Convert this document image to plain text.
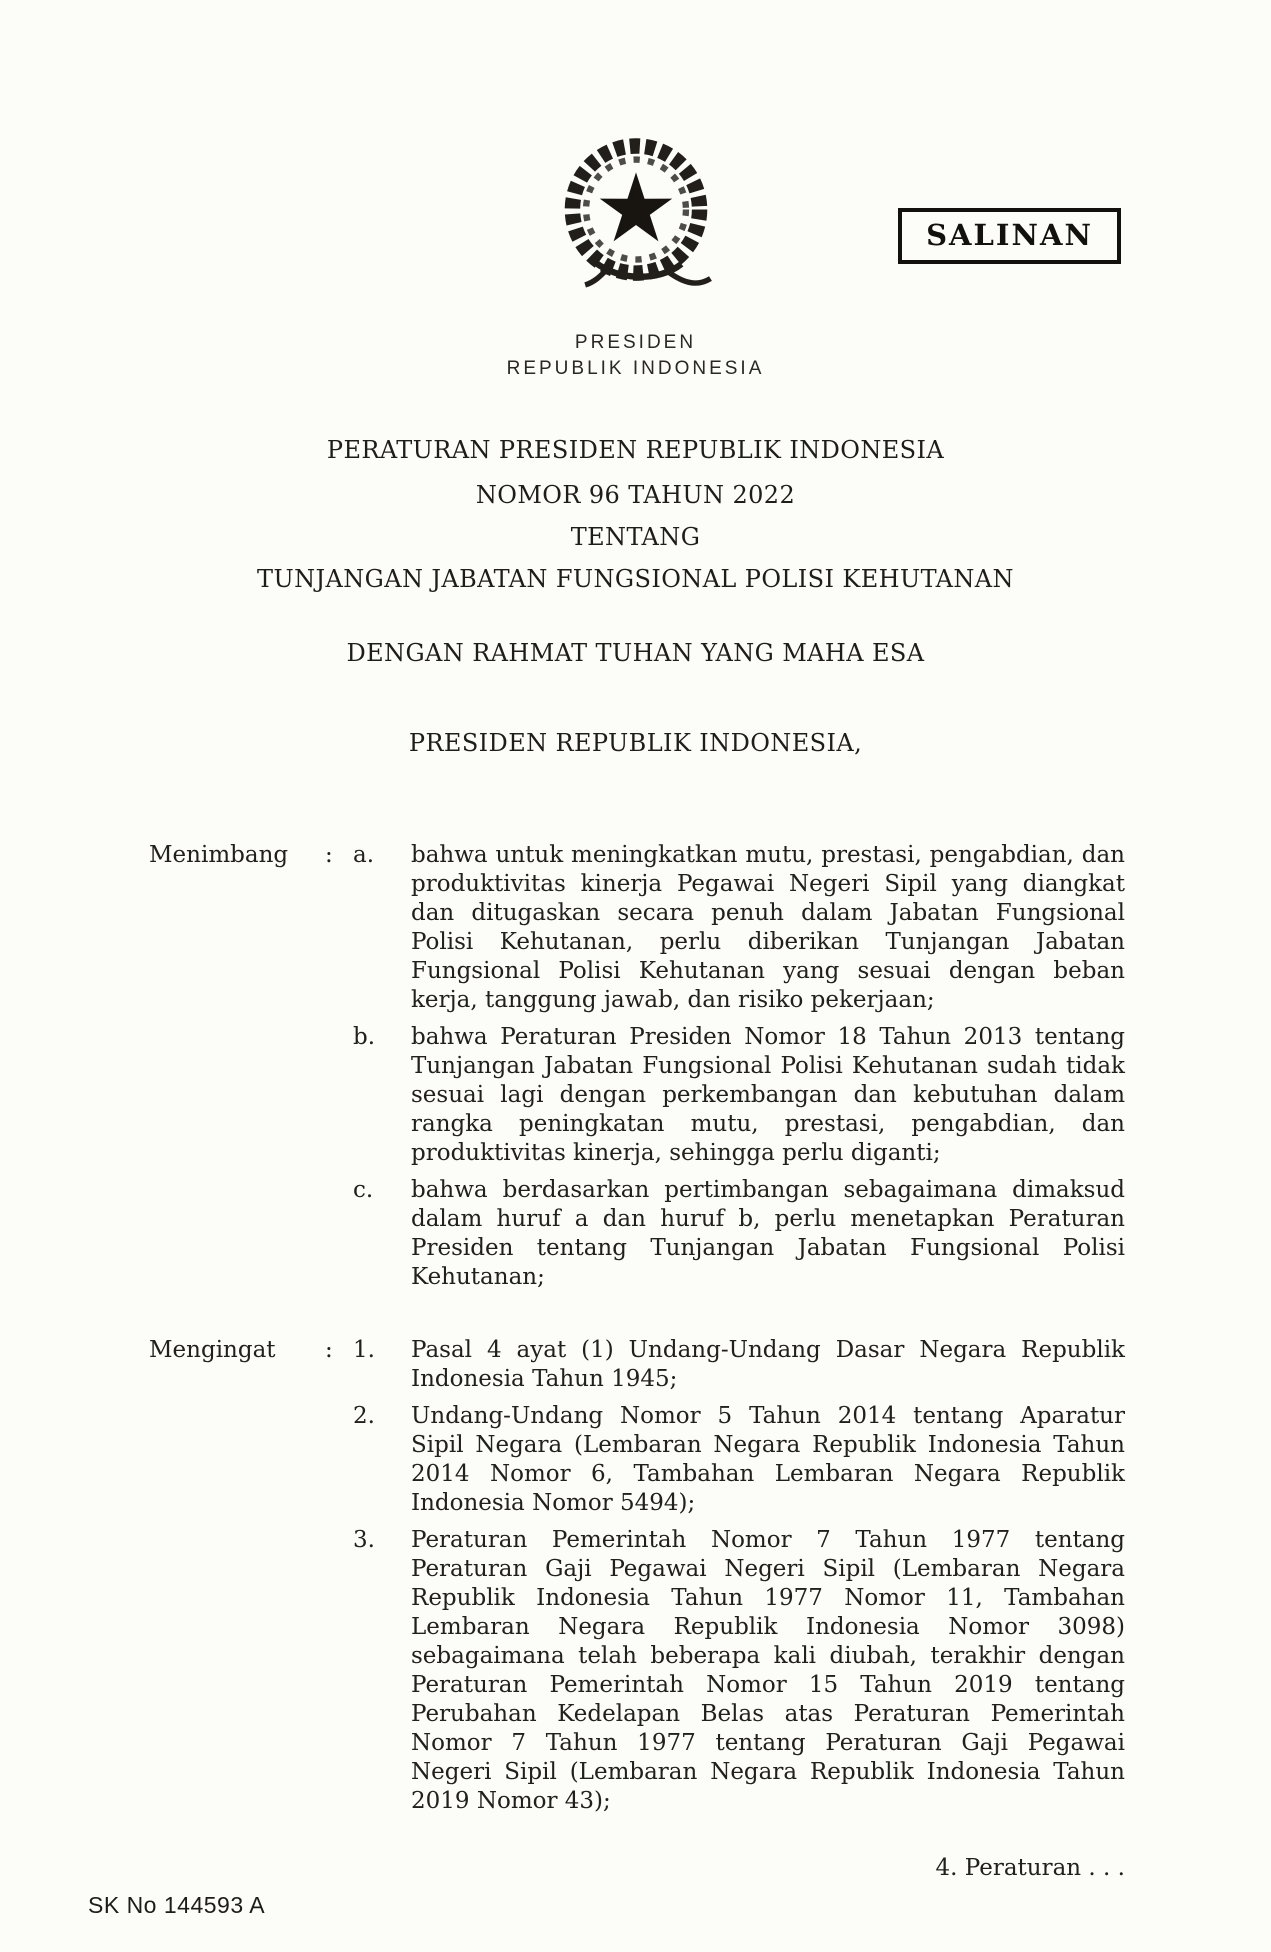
SALINAN
PRESIDEN
REPUBLIK INDONESIA
PERATURAN PRESIDEN REPUBLIK INDONESIA
NOMOR 96 TAHUN 2022
TENTANG
TUNJANGAN JABATAN FUNGSIONAL POLISI KEHUTANAN
DENGAN RAHMAT TUHAN YANG MAHA ESA
PRESIDEN REPUBLIK INDONESIA,
Menimbang	: a.	bahwa untuk meningkatkan mutu, prestasi, pengabdian, dan produktivitas kinerja Pegawai Negeri Sipil yang diangkat dan ditugaskan secara penuh dalam Jabatan Fungsional Polisi Kehutanan, perlu diberikan Tunjangan Jabatan Fungsional Polisi Kehutanan yang sesuai dengan beban kerja, tanggung jawab, dan risiko pekerjaan;

b.	bahwa Peraturan Presiden Nomor 18 Tahun 2013 tentang Tunjangan Jabatan Fungsional Polisi Kehutanan sudah tidak sesuai lagi dengan perkembangan dan kebutuhan dalam rangka peningkatan mutu, prestasi, pengabdian, dan produktivitas kinerja, sehingga perlu diganti;

c.	bahwa berdasarkan pertimbangan sebagaimana dimaksud dalam huruf a dan huruf b, perlu menetapkan Peraturan Presiden tentang Tunjangan Jabatan Fungsional Polisi Kehutanan;

Mengingat	: 1.	Pasal 4 ayat (1) Undang-Undang Dasar Negara Republik Indonesia Tahun 1945;

2.	Undang-Undang Nomor 5 Tahun 2014 tentang Aparatur Sipil Negara (Lembaran Negara Republik Indonesia Tahun 2014 Nomor 6, Tambahan Lembaran Negara Republik Indonesia Nomor 5494);

3.	Peraturan Pemerintah Nomor 7 Tahun 1977 tentang Peraturan Gaji Pegawai Negeri Sipil (Lembaran Negara Republik Indonesia Tahun 1977 Nomor 11, Tambahan Lembaran Negara Republik Indonesia Nomor 3098) sebagaimana telah beberapa kali diubah, terakhir dengan Peraturan Pemerintah Nomor 15 Tahun 2019 tentang Perubahan Kedelapan Belas atas Peraturan Pemerintah Nomor 7 Tahun 1977 tentang Peraturan Gaji Pegawai Negeri Sipil (Lembaran Negara Republik Indonesia Tahun 2019 Nomor 43);

4. Peraturan . . .
SK No 144593 A
